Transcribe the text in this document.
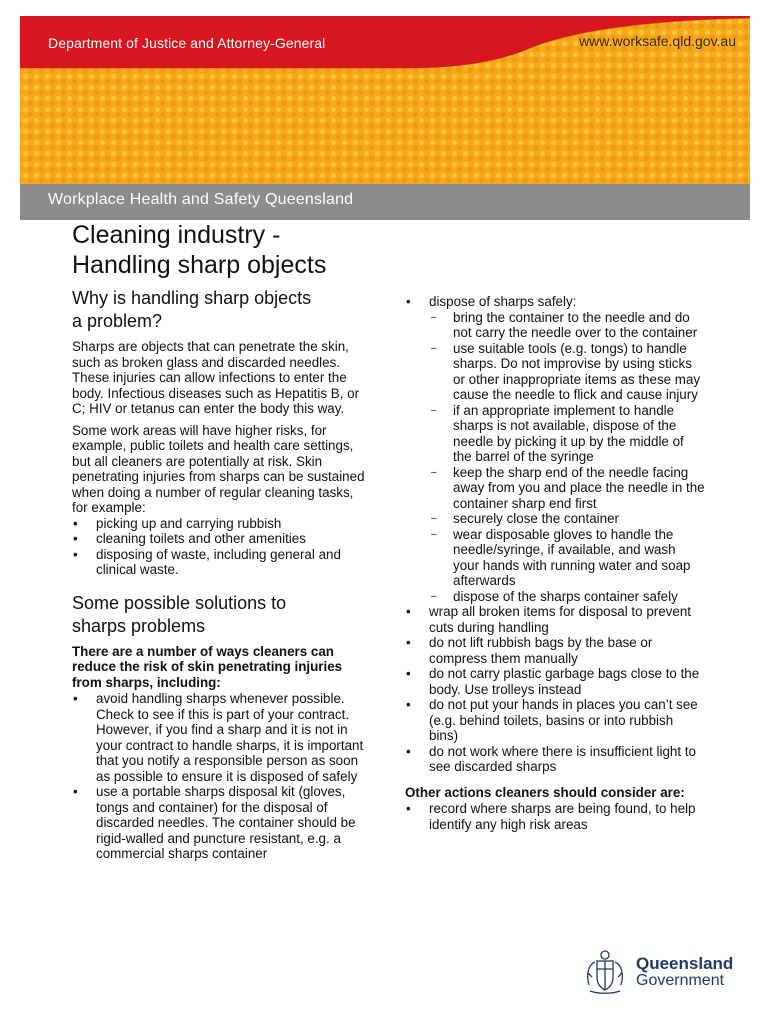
Department of Justice and Attorney-General	www.worksafe.qld.gov.au
Workplace Health and Safety Queensland
Cleaning industry -
Handling sharp objects
Why is handling sharp objects
a problem?

Sharps are objects that can penetrate the skin, such as broken glass and discarded needles. These injuries can allow infections to enter the body. Infectious diseases such as Hepatitis B, or C; HIV or tetanus can enter the body this way.

Some work areas will have higher risks, for example, public toilets and health care settings, but all cleaners are potentially at risk. Skin penetrating injuries from sharps can be sustained when doing a number of regular cleaning tasks, for example:

• picking up and carrying rubbish
• cleaning toilets and other amenities
• disposing of waste, including general and clinical waste.
Some possible solutions to
sharps problems

There are a number of ways cleaners can reduce the risk of skin penetrating injuries from sharps, including:

• avoid handling sharps whenever possible. Check to see if this is part of your contract. However, if you find a sharp and it is not in your contract to handle sharps, it is important that you notify a responsible person as soon as possible to ensure it is disposed of safely
• use a portable sharps disposal kit (gloves, tongs and container) for the disposal of discarded needles. The container should be rigid-walled and puncture resistant, e.g. a commercial sharps container
• dispose of sharps safely:
– bring the container to the needle and do not carry the needle over to the container
– use suitable tools (e.g. tongs) to handle sharps. Do not improvise by using sticks or other inappropriate items as these may cause the needle to flick and cause injury
– if an appropriate implement to handle sharps is not available, dispose of the needle by picking it up by the middle of the barrel of the syringe
– keep the sharp end of the needle facing away from you and place the needle in the container sharp end first
– securely close the container
– wear disposable gloves to handle the needle/syringe, if available, and wash your hands with running water and soap afterwards
– dispose of the sharps container safely
• wrap all broken items for disposal to prevent cuts during handling
• do not lift rubbish bags by the base or compress them manually
• do not carry plastic garbage bags close to the body. Use trolleys instead
• do not put your hands in places you can’t see (e.g. behind toilets, basins or into rubbish bins)
• do not work where there is insufficient light to see discarded sharps

Other actions cleaners should consider are:

• record where sharps are being found, to help identify any high risk areas
Queensland
Government
